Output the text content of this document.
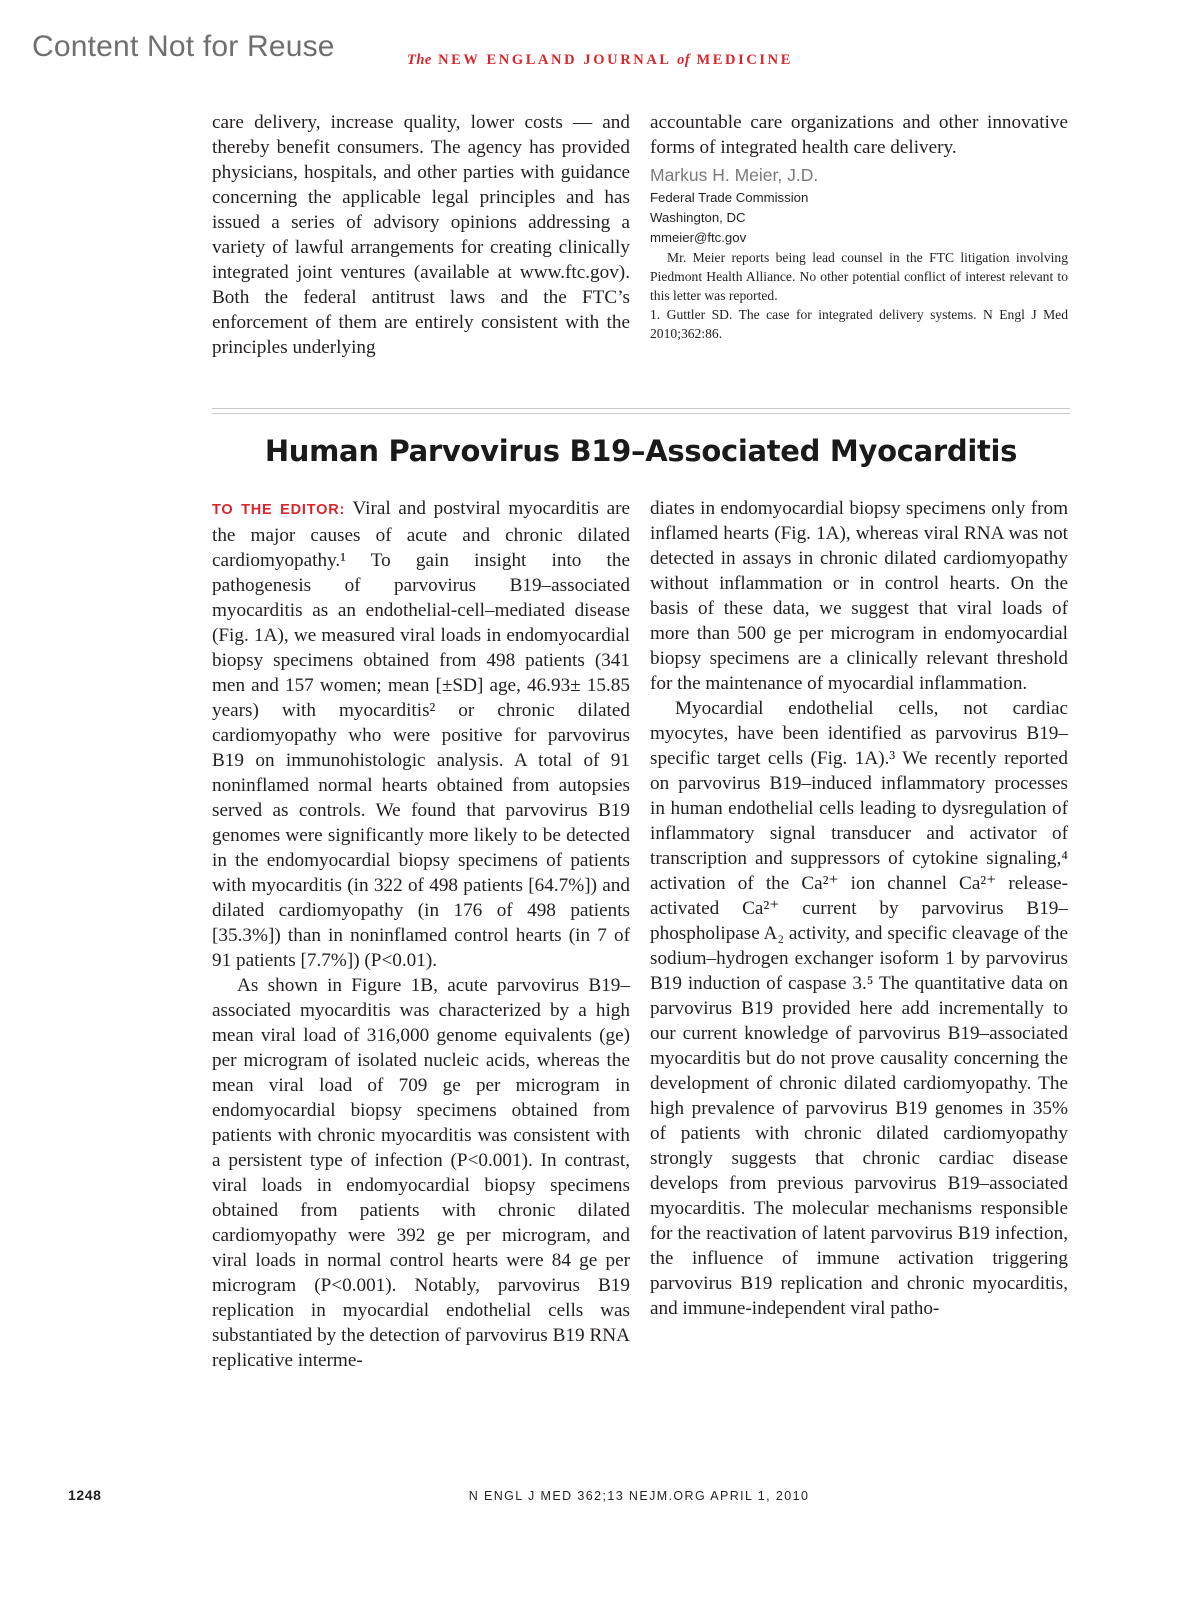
Content Not for Reuse	The NEW ENGLAND JOURNAL of MEDICINE

care delivery, increase quality, lower costs — and thereby benefit consumers. The agency has provided physicians, hospitals, and other parties with guidance concerning the applicable legal principles and has issued a series of advisory opinions addressing a variety of lawful arrangements for creating clinically integrated joint ventures (available at www.ftc.gov). Both the federal antitrust laws and the FTC’s enforcement of them are entirely consistent with the principles underlying

accountable care organizations and other innovative forms of integrated health care delivery.

Markus H. Meier, J.D.
Federal Trade Commission
Washington, DC
mmeier@ftc.gov

Mr. Meier reports being lead counsel in the FTC litigation involving Piedmont Health Alliance. No other potential conflict of interest relevant to this letter was reported.

1. Guttler SD. The case for integrated delivery systems. N Engl J Med 2010;362:86.

Human Parvovirus B19–Associated Myocarditis

TO THE EDITOR: Viral and postviral myocarditis are the major causes of acute and chronic dilated cardiomyopathy.¹ To gain insight into the pathogenesis of parvovirus B19–associated myocarditis as an endothelial-cell–mediated disease (Fig. 1A), we measured viral loads in endomyocardial biopsy specimens obtained from 498 patients (341 men and 157 women; mean [±SD] age, 46.93± 15.85 years) with myocarditis² or chronic dilated cardiomyopathy who were positive for parvovirus B19 on immunohistologic analysis. A total of 91 noninflamed normal hearts obtained from autopsies served as controls. We found that parvovirus B19 genomes were significantly more likely to be detected in the endomyocardial biopsy specimens of patients with myocarditis (in 322 of 498 patients [64.7%]) and dilated cardiomyopathy (in 176 of 498 patients [35.3%]) than in noninflamed control hearts (in 7 of 91 patients [7.7%]) (P<0.01).

As shown in Figure 1B, acute parvovirus B19–associated myocarditis was characterized by a high mean viral load of 316,000 genome equivalents (ge) per microgram of isolated nucleic acids, whereas the mean viral load of 709 ge per microgram in endomyocardial biopsy specimens obtained from patients with chronic myocarditis was consistent with a persistent type of infection (P<0.001). In contrast, viral loads in endomyocardial biopsy specimens obtained from patients with chronic dilated cardiomyopathy were 392 ge per microgram, and viral loads in normal control hearts were 84 ge per microgram (P<0.001). Notably, parvovirus B19 replication in myocardial endothelial cells was substantiated by the detection of parvovirus B19 RNA replicative interme-

diates in endomyocardial biopsy specimens only from inflamed hearts (Fig. 1A), whereas viral RNA was not detected in assays in chronic dilated cardiomyopathy without inflammation or in control hearts. On the basis of these data, we suggest that viral loads of more than 500 ge per microgram in endomyocardial biopsy specimens are a clinically relevant threshold for the maintenance of myocardial inflammation.

Myocardial endothelial cells, not cardiac myocytes, have been identified as parvovirus B19–specific target cells (Fig. 1A).³ We recently reported on parvovirus B19–induced inflammatory processes in human endothelial cells leading to dysregulation of inflammatory signal transducer and activator of transcription and suppressors of cytokine signaling,⁴ activation of the Ca²⁺ ion channel Ca²⁺ release-activated Ca²⁺ current by parvovirus B19–phospholipase A₂ activity, and specific cleavage of the sodium–hydrogen exchanger isoform 1 by parvovirus B19 induction of caspase 3.⁵ The quantitative data on parvovirus B19 provided here add incrementally to our current knowledge of parvovirus B19–associated myocarditis but do not prove causality concerning the development of chronic dilated cardiomyopathy. The high prevalence of parvovirus B19 genomes in 35% of patients with chronic dilated cardiomyopathy strongly suggests that chronic cardiac disease develops from previous parvovirus B19–associated myocarditis. The molecular mechanisms responsible for the reactivation of latent parvovirus B19 infection, the influence of immune activation triggering parvovirus B19 replication and chronic myocarditis, and immune-independent viral patho-

1248	N ENGL J MED 362;13 NEJM.ORG APRIL 1, 2010
